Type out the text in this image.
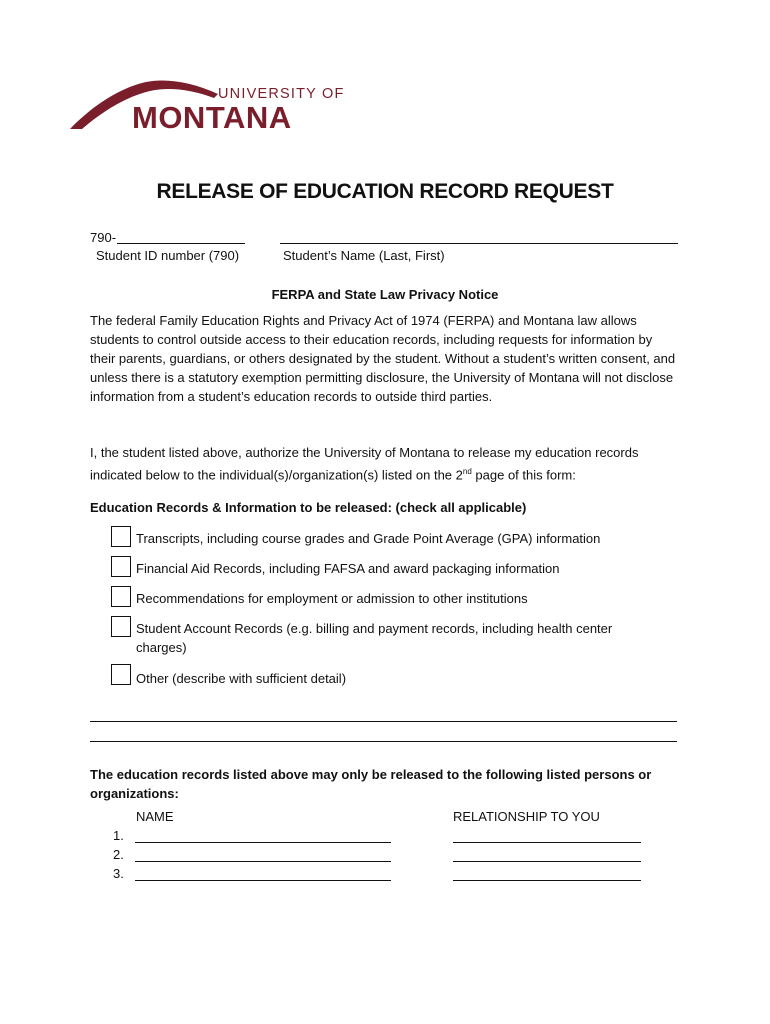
UNIVERSITY OF
MONTANA
RELEASE OF EDUCATION RECORD REQUEST
790-
Student ID number (790)	Student’s Name (Last, First)
FERPA and State Law Privacy Notice
The federal Family Education Rights and Privacy Act of 1974 (FERPA) and Montana law allows students to control outside access to their education records, including requests for information by their parents, guardians, or others designated by the student. Without a student’s written consent, and unless there is a statutory exemption permitting disclosure, the University of Montana will not disclose information from a student’s education records to outside third parties.
I, the student listed above, authorize the University of Montana to release my education records indicated below to the individual(s)/organization(s) listed on the 2nd page of this form:
Education Records & Information to be released: (check all applicable)
Transcripts, including course grades and Grade Point Average (GPA) information
Financial Aid Records, including FAFSA and award packaging information
Recommendations for employment or admission to other institutions
Student Account Records (e.g. billing and payment records, including health center charges)
Other (describe with sufficient detail)
The education records listed above may only be released to the following listed persons or organizations:
NAME	RELATIONSHIP TO YOU
1.
2.
3.
